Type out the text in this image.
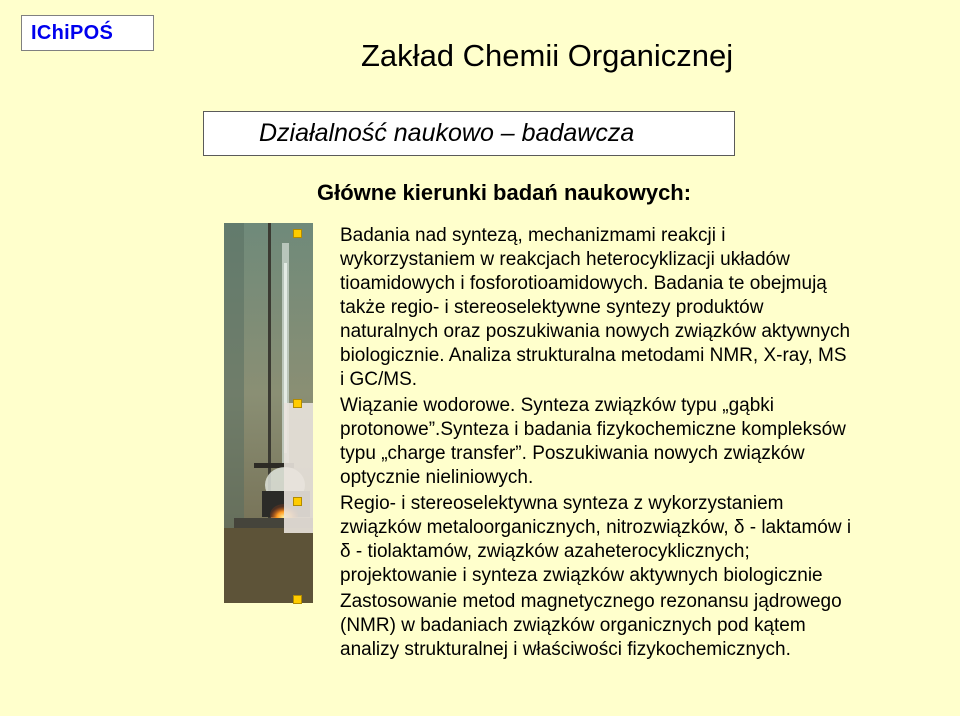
IChiPOŚ
Zakład Chemii Organicznej
Działalność naukowo – badawcza
Główne kierunki badań naukowych:
Badania nad syntezą, mechanizmami reakcji i
wykorzystaniem w reakcjach heterocyklizacji układów
tioamidowych i fosforotioamidowych. Badania te obejmują
także regio- i stereoselektywne syntezy produktów
naturalnych oraz poszukiwania nowych związków aktywnych
biologicznie. Analiza strukturalna metodami NMR, X-ray, MS
i GC/MS.
Wiązanie wodorowe. Synteza związków typu „gąbki
protonowe”.Synteza i badania fizykochemiczne kompleksów
typu „charge transfer”. Poszukiwania nowych związków
optycznie nieliniowych.
Regio- i stereoselektywna synteza z wykorzystaniem
związków metaloorganicznych, nitrozwiązków, δ - laktamów i
δ - tiolaktamów, związków azaheterocyklicznych;
projektowanie i synteza związków aktywnych biologicznie
Zastosowanie metod magnetycznego rezonansu jądrowego
(NMR) w badaniach związków organicznych pod kątem
analizy strukturalnej i właściwości fizykochemicznych.
